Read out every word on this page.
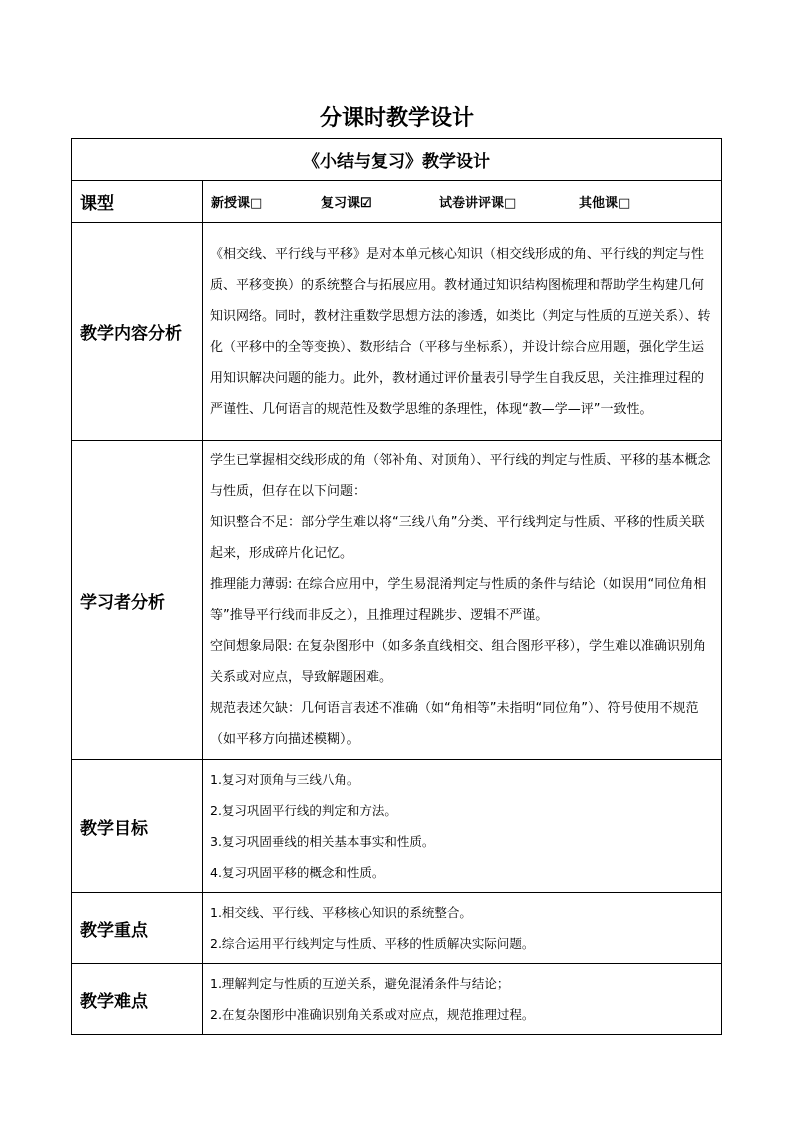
分课时教学设计
《小结与复习》教学设计	
课型	新授课□ 复习课☑ 试卷讲评课□ 其他课□

教学内容分析	《相交线、平行线与平移》是对本单元核心知识（相交线形成的角、平行线的判定与性质、平移变换）的系统整合与拓展应用。教材通过知识结构图梳理和帮助学生构建几何知识网络。同时，教材注重数学思想方法的渗透，如类比（判定与性质的互逆关系）、转化（平移中的全等变换）、数形结合（平移与坐标系），并设计综合应用题，强化学生运用知识解决问题的能力。此外，教材通过评价量表引导学生自我反思，关注推理过程的严谨性、几何语言的规范性及数学思维的条理性，体现“教—学—评”一致性。

学习者分析	学生已掌握相交线形成的角（邻补角、对顶角）、平行线的判定与性质、平移的基本概念与性质，但存在以下问题：

知识整合不足：部分学生难以将“三线八角”分类、平行线判定与性质、平移的性质关联起来，形成碎片化记忆。

推理能力薄弱: 在综合应用中，学生易混淆判定与性质的条件与结论（如误用“同位角相等”推导平行线而非反之），且推理过程跳步、逻辑不严谨。

空间想象局限: 在复杂图形中（如多条直线相交、组合图形平移），学生难以准确识别角关系或对应点，导致解题困难。

规范表述欠缺：几何语言表述不准确（如“角相等”未指明“同位角”）、符号使用不规范（如平移方向描述模糊）。

教学目标	1.复习对顶角与三线八角。

2.复习巩固平行线的判定和方法。

3.复习巩固垂线的相关基本事实和性质。

4.复习巩固平移的概念和性质。

教学重点	1.相交线、平行线、平移核心知识的系统整合。

2.综合运用平行线判定与性质、平移的性质解决实际问题。

教学难点	1.理解判定与性质的互逆关系，避免混淆条件与结论；

2.在复杂图形中准确识别角关系或对应点，规范推理过程。
